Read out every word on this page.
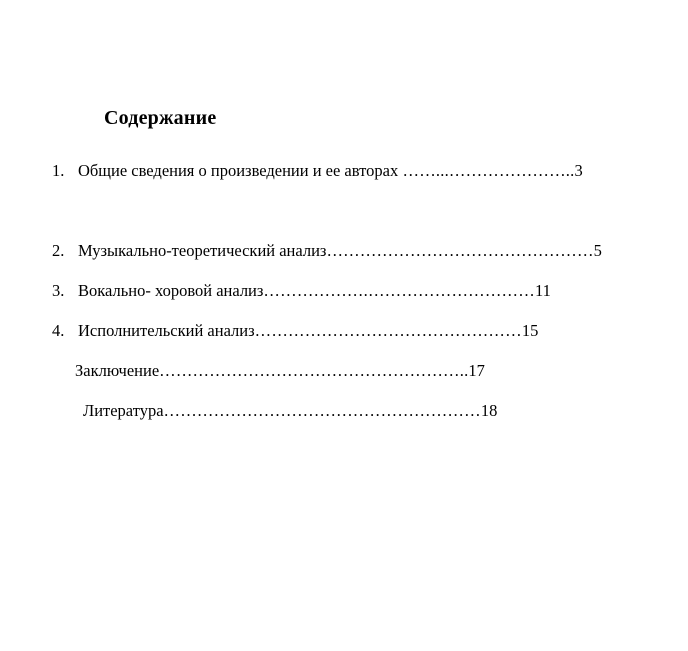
Содержание
1. Общие сведения о произведении и ее авторах ……...………………….. 3
2. Музыкально-теоретический анализ ………………………………………… 5
3. Вокально- хоровой анализ ……………….………………………… 11
4. Исполнительский анализ ………………………………………… 15
Заключение ……………………………………………….. 17
Литература ………………………………………………… 18
